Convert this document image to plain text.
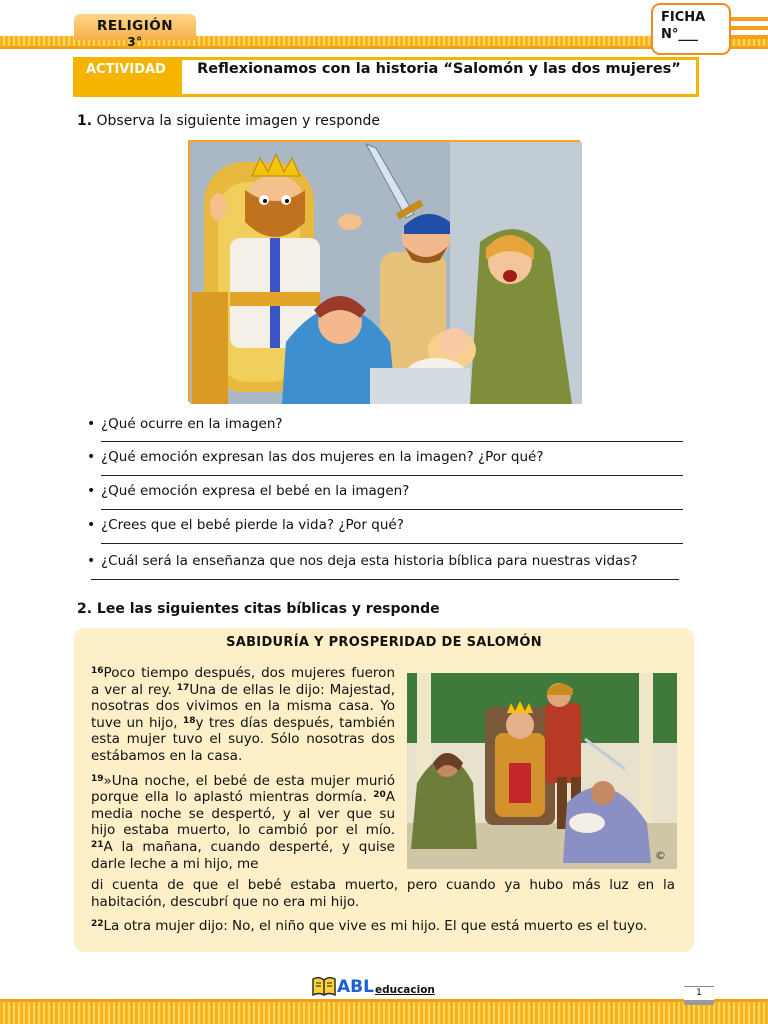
RELIGIÓN
3°
FICHA
N°___
ACTIVIDAD	Reflexionamos con la historia “Salomón y las dos mujeres”
1. Observa la siguiente imagen y responde
• ¿Qué ocurre en la imagen?
• ¿Qué emoción expresan las dos mujeres en la imagen? ¿Por qué?
• ¿Qué emoción expresa el bebé en la imagen?
• ¿Crees que el bebé pierde la vida? ¿Por qué?
• ¿Cuál será la enseñanza que nos deja esta historia bíblica para nuestras vidas?
2. Lee las siguientes citas bíblicas y responde
SABIDURÍA Y PROSPERIDAD DE SALOMÓN

$^{16}$Poco tiempo después, dos mujeres fueron a ver al rey. $^{17}$Una de ellas le dijo: Majestad, nosotras dos vivimos en la misma casa. Yo tuve un hijo, $^{18}$y tres días después, también esta mujer tuvo el suyo. Sólo nosotras dos estábamos en la casa.

$^{19}$»Una noche, el bebé de esta mujer murió porque ella lo aplastó mientras dormía. $^{20}$A media noche se despertó, y al ver que su hijo estaba muerto, lo cambió por el mío. $^{21}$A la mañana, cuando desperté, y quise darle leche a mi hijo, me

di cuenta de que el bebé estaba muerto, pero cuando ya hubo más luz en la habitación, descubrí que no era mi hijo.

$^{22}$La otra mujer dijo: No, el niño que vive es mi hijo. El que está muerto es el tuyo.

©
ABL educacion	1
